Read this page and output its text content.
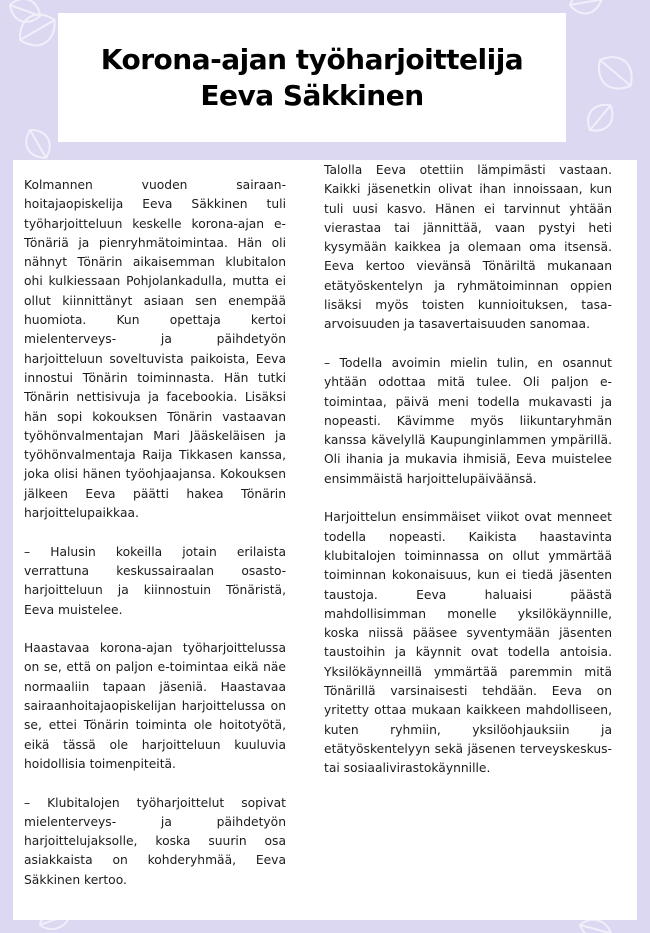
Korona-ajan työharjoittelija
Eeva Säkkinen

Kolmannen vuoden sairaanhoitajaopiskelija Eeva Säkkinen tuli työharjoitteluun keskelle korona-ajan e-Tönäriä ja pienryhmätoimintaa. Hän oli nähnyt Tönärin aikaisemman klubitalon ohi kulkiessaan Pohjolankadulla, mutta ei ollut kiinnittänyt asiaan sen enempää huomiota. Kun opettaja kertoi mielenterveys- ja päihdetyön harjoitteluun soveltuvista paikoista, Eeva innostui Tönärin toiminnasta. Hän tutki Tönärin nettisivuja ja facebookia. Lisäksi hän sopi kokouksen Tönärin vastaavan työhönvalmentajan Mari Jääskeläisen ja työhönvalmentaja Raija Tikkasen kanssa, joka olisi hänen työohjaajansa. Kokouksen jälkeen Eeva päätti hakea Tönärin harjoittelupaikkaa.

– Halusin kokeilla jotain erilaista verrattuna keskussairaalan osastoharjoitteluun ja kiinnostuin Tönäristä, Eeva muistelee.

Haastavaa korona-ajan työharjoittelussa on se, että on paljon e-toimintaa eikä näe normaaliin tapaan jäseniä. Haastavaa sairaanhoitajaopiskelijan harjoittelussa on se, ettei Tönärin toiminta ole hoitotyötä, eikä tässä ole harjoitteluun kuuluvia hoidollisia toimenpiteitä.

– Klubitalojen työharjoittelut sopivat mielenterveys- ja päihdetyön harjoittelujaksolle, koska suurin osa asiakkaista on kohderyhmää, Eeva Säkkinen kertoo.

Talolla Eeva otettiin lämpimästi vastaan. Kaikki jäsenetkin olivat ihan innoissaan, kun tuli uusi kasvo. Hänen ei tarvinnut yhtään vierastaa tai jännittää, vaan pystyi heti kysymään kaikkea ja olemaan oma itsensä. Eeva kertoo vievänsä Tönäriltä mukanaan etätyöskentelyn ja ryhmätoiminnan oppien lisäksi myös toisten kunnioituksen, tasa-arvoisuuden ja tasavertaisuuden sanomaa.

– Todella avoimin mielin tulin, en osannut yhtään odottaa mitä tulee. Oli paljon e-toimintaa, päivä meni todella mukavasti ja nopeasti. Kävimme myös liikuntaryhmän kanssa kävelyllä Kaupunginlammen ympärillä. Oli ihania ja mukavia ihmisiä, Eeva muistelee ensimmäistä harjoittelupäiväänsä.

Harjoittelun ensimmäiset viikot ovat menneet todella nopeasti. Kaikista haastavinta klubitalojen toiminnassa on ollut ymmärtää toiminnan kokonaisuus, kun ei tiedä jäsenten taustoja. Eeva haluaisi päästä mahdollisimman monelle yksilökäynnille, koska niissä pääsee syventymään jäsenten taustoihin ja käynnit ovat todella antoisia. Yksilökäynneillä ymmärtää paremmin mitä Tönärillä varsinaisesti tehdään. Eeva on yritetty ottaa mukaan kaikkeen mahdolliseen, kuten ryhmiin, yksilöohjauksiin ja etätyöskentelyyn sekä jäsenen terveyskeskus- tai sosiaalivirastokäynnille.
